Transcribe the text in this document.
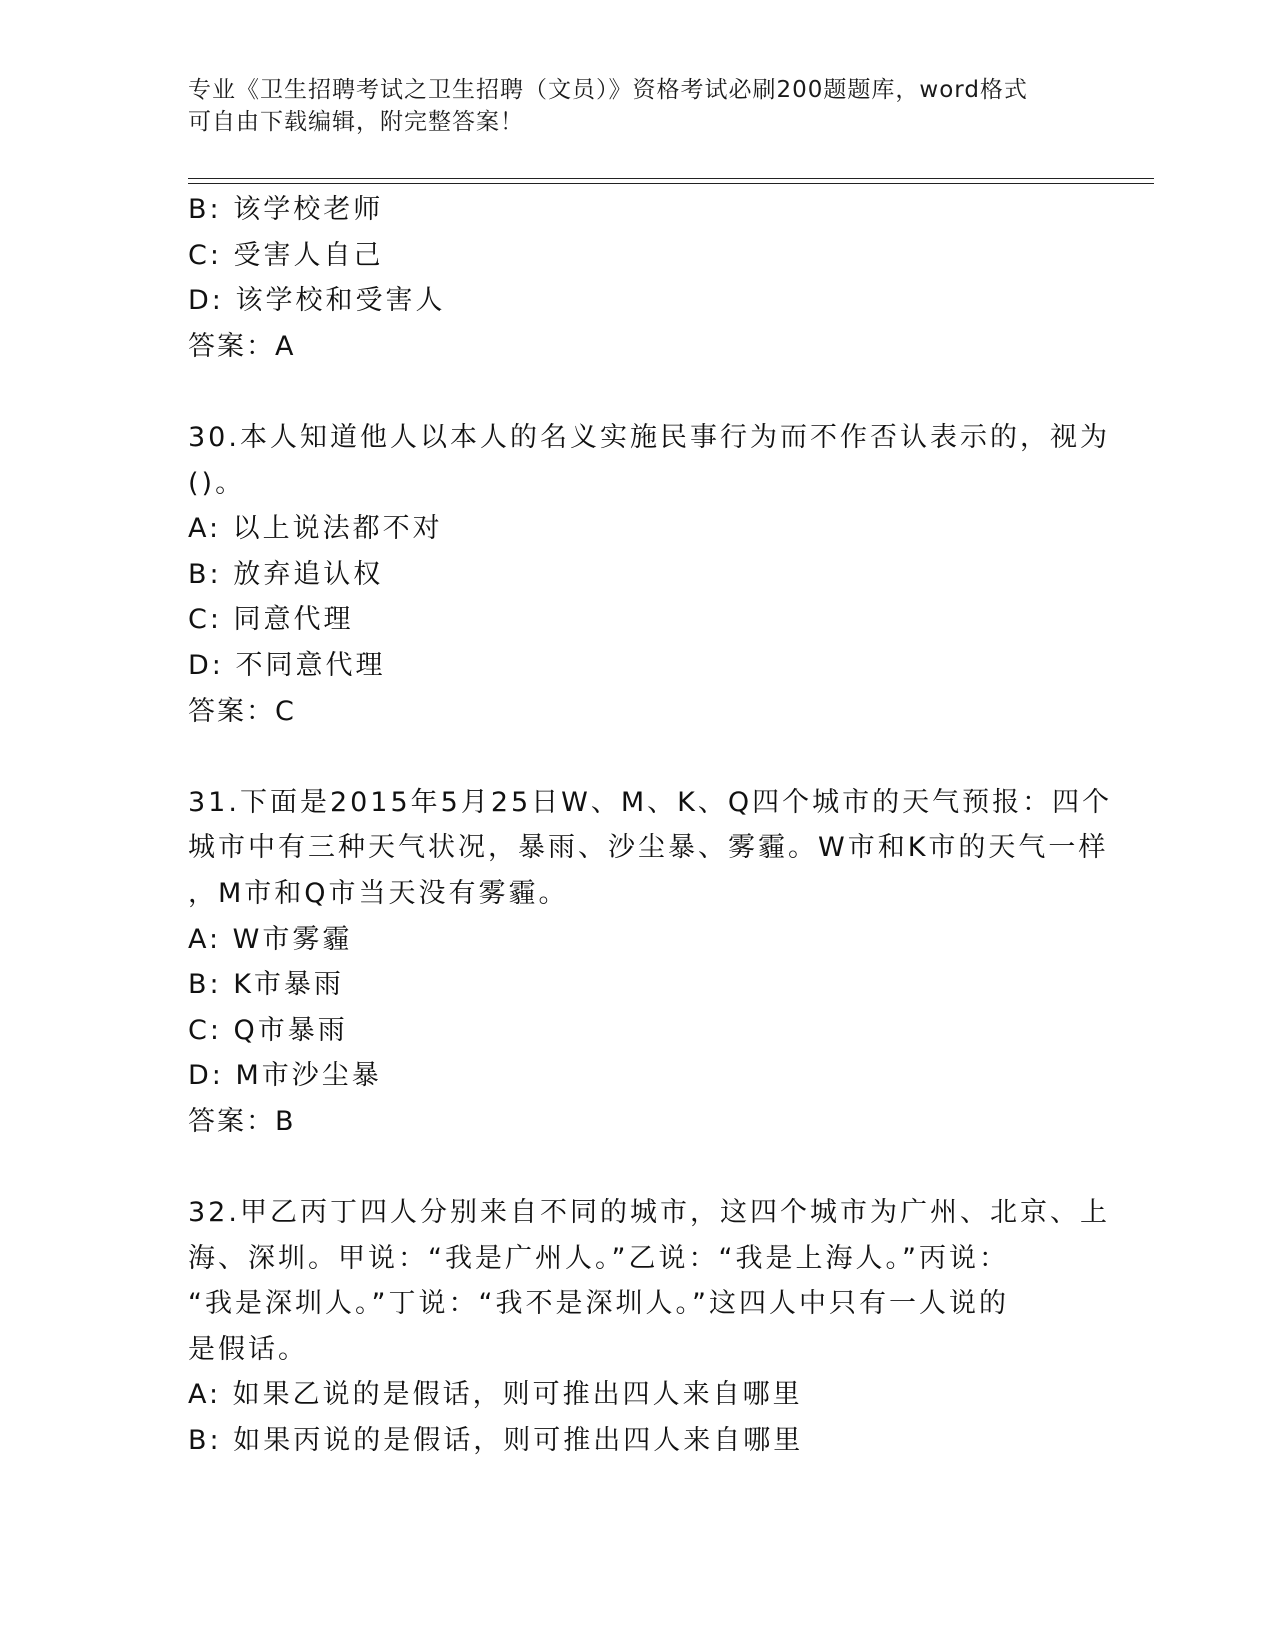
专业《卫生招聘考试之卫生招聘（文员）》资格考试必刷200题题库，word格式
可自由下载编辑，附完整答案！
B: 该学校老师
C: 受害人自己
D: 该学校和受害人
答案：A
30.本人知道他人以本人的名义实施民事行为而不作否认表示的，视为
()。
A: 以上说法都不对
B: 放弃追认权
C: 同意代理
D: 不同意代理
答案：C
31.下面是2015年5月25日W、M、K、Q四个城市的天气预报：四个
城市中有三种天气状况，暴雨、沙尘暴、雾霾。W市和K市的天气一样
，M市和Q市当天没有雾霾。
A: W市雾霾
B: K市暴雨
C: Q市暴雨
D: M市沙尘暴
答案：B
32.甲乙丙丁四人分别来自不同的城市，这四个城市为广州、北京、上
海、深圳。甲说：“我是广州人。”乙说：“我是上海人。”丙说：
“我是深圳人。”丁说：“我不是深圳人。”这四人中只有一人说的
是假话。
A: 如果乙说的是假话，则可推出四人来自哪里
B: 如果丙说的是假话，则可推出四人来自哪里
